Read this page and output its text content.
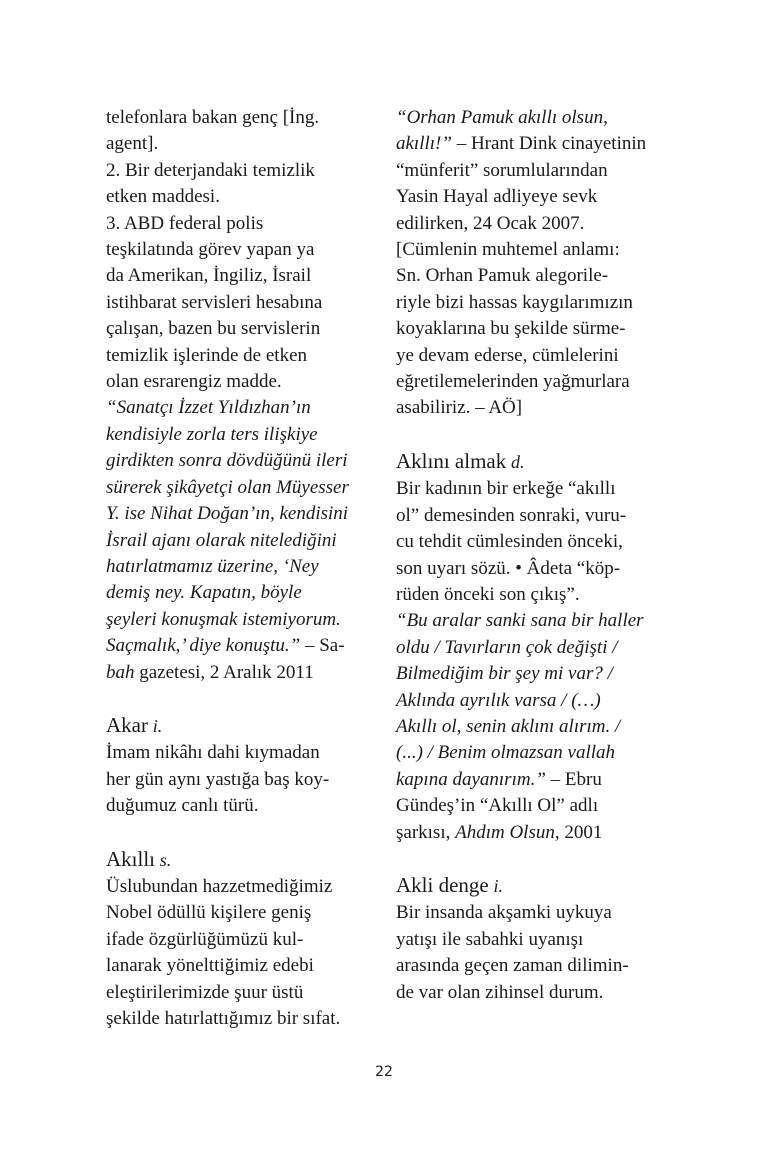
telefonlara bakan genç [İng.
agent].
2. Bir deterjandaki temizlik
etken maddesi.
3. ABD federal polis
teşkilatında görev yapan ya
da Amerikan, İngiliz, İsrail
istihbarat servisleri hesabına
çalışan, bazen bu servislerin
temizlik işlerinde de etken
olan esrarengiz madde.
“Sanatçı İzzet Yıldızhan’ın
kendisiyle zorla ters ilişkiye
girdikten sonra dövdüğünü ileri
sürerek şikâyetçi olan Müyesser
Y. ise Nihat Doğan’ın, kendisini
İsrail ajanı olarak nitelediğini
hatırlatmamız üzerine, ‘Ney
demiş ney. Kapatın, böyle
şeyleri konuşmak istemiyorum.
Saçmalık,’ diye konuştu.” – Sa-
bah gazetesi, 2 Aralık 2011
Akar i.
İmam nikâhı dahi kıymadan
her gün aynı yastığa baş koy-
duğumuz canlı türü.
Akıllı s.
Üslubundan hazzetmediğimiz
Nobel ödüllü kişilere geniş
ifade özgürlüğümüzü kul-
lanarak yönelttiğimiz edebi
eleştirilerimizde şuur üstü
şekilde hatırlattığımız bir sıfat.
“Orhan Pamuk akıllı olsun,
akıllı!” – Hrant Dink cinayetinin
“münferit” sorumlularından
Yasin Hayal adliyeye sevk
edilirken, 24 Ocak 2007.
[Cümlenin muhtemel anlamı:
Sn. Orhan Pamuk alegorile-
riyle bizi hassas kaygılarımızın
koyaklarına bu şekilde sürme-
ye devam ederse, cümlelerini
eğretilemelerinden yağmurlara
asabiliriz. – AÖ]
Aklını almak d.
Bir kadının bir erkeğe “akıllı
ol” demesinden sonraki, vuru-
cu tehdit cümlesinden önceki,
son uyarı sözü. • Âdeta “köp-
rüden önceki son çıkış”.
“Bu aralar sanki sana bir haller
oldu / Tavırların çok değişti /
Bilmediğim bir şey mi var? /
Aklında ayrılık varsa / (…)
Akıllı ol, senin aklını alırım. /
(...) / Benim olmazsan vallah
kapına dayanırım.” – Ebru
Gündeş’in “Akıllı Ol” adlı
şarkısı, Ahdım Olsun, 2001
Akli denge i.
Bir insanda akşamki uykuya
yatışı ile sabahki uyanışı
arasında geçen zaman dilimin-
de var olan zihinsel durum.
22
